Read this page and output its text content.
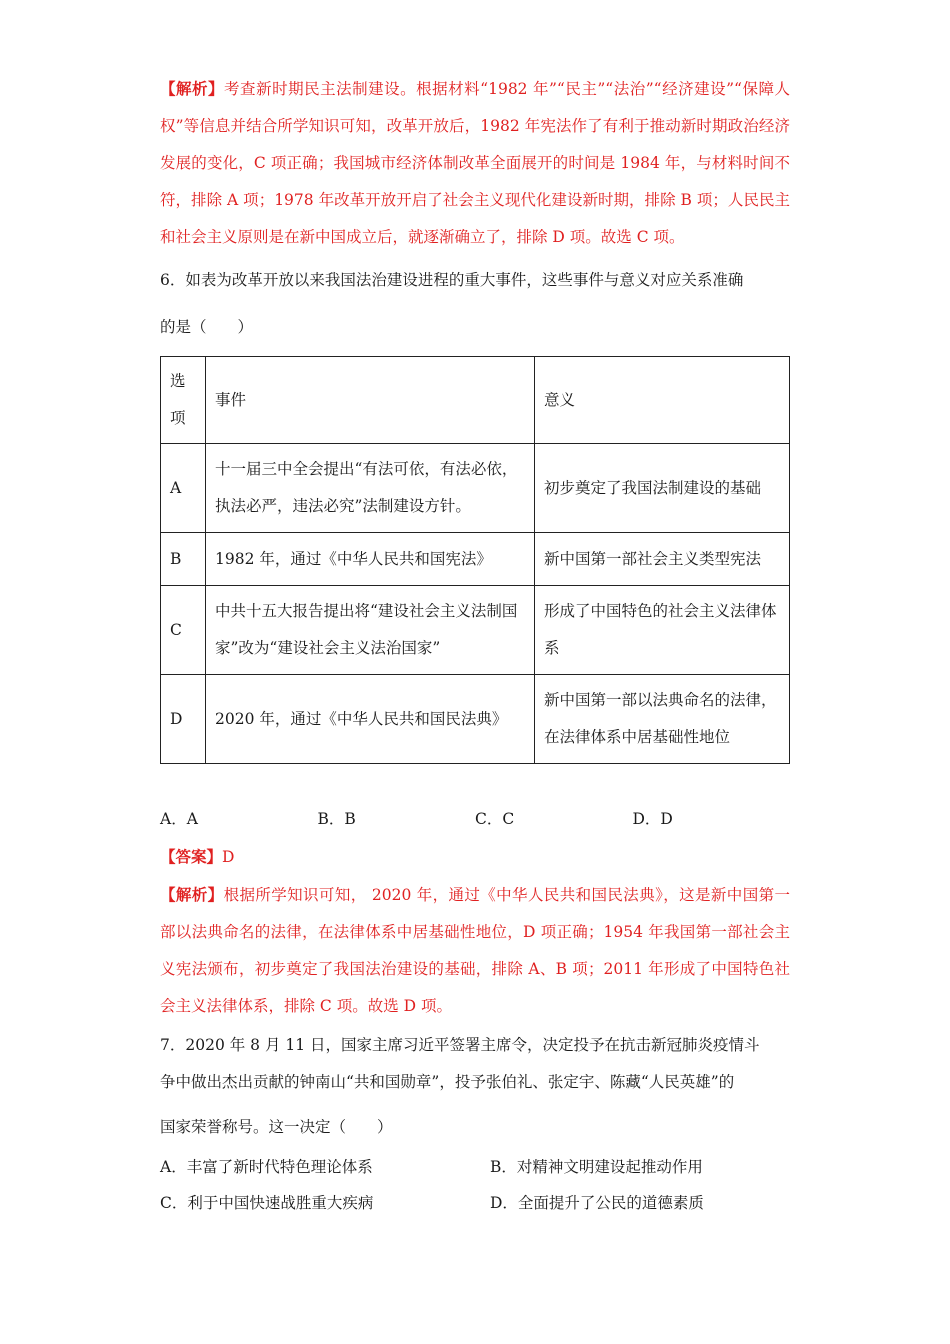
【解析】考查新时期民主法制建设。根据材料“1982 年”“民主”“法治”“经济建设”“保障人权”等信息并结合所学知识可知，改革开放后，1982 年宪法作了有利于推动新时期政治经济发展的变化，C 项正确；我国城市经济体制改革全面展开的时间是 1984 年，与材料时间不符，排除 A 项；1978 年改革开放开启了社会主义现代化建设新时期，排除 B 项；人民民主和社会主义原则是在新中国成立后，就逐渐确立了，排除 D 项。故选 C 项。

6．如表为改革开放以来我国法治建设进程的重大事件，这些事件与意义对应关系准确

的是（　　）

选项	事件	意义
A	十一届三中全会提出“有法可依，有法必依，执法必严，违法必究”法制建设方针。	初步奠定了我国法制建设的基础
B	1982 年，通过《中华人民共和国宪法》	新中国第一部社会主义类型宪法
C	中共十五大报告提出将“建设社会主义法制国家”改为“建设社会主义法治国家”	形成了中国特色的社会主义法律体系
D	2020 年，通过《中华人民共和国民法典》	新中国第一部以法典命名的法律，在法律体系中居基础性地位
A．A	B．B	C．C	D．D
【答案】D

【解析】根据所学知识可知， 2020 年，通过《中华人民共和国民法典》，这是新中国第一部以法典命名的法律，在法律体系中居基础性地位，D 项正确；1954 年我国第一部社会主义宪法颁布，初步奠定了我国法治建设的基础，排除 A、B 项；2011 年形成了中国特色社会主义法律体系，排除 C 项。故选 D 项。

7．2020 年 8 月 11 日，国家主席习近平签署主席令，决定投予在抗击新冠肺炎疫情斗

争中做出杰出贡献的钟南山“共和国勋章”，投予张伯礼、张定宇、陈藏“人民英雄”的

国家荣誉称号。这一决定（　　）

A．丰富了新时代特色理论体系	B．对精神文明建设起推动作用
C．利于中国快速战胜重大疾病	D．全面提升了公民的道德素质
